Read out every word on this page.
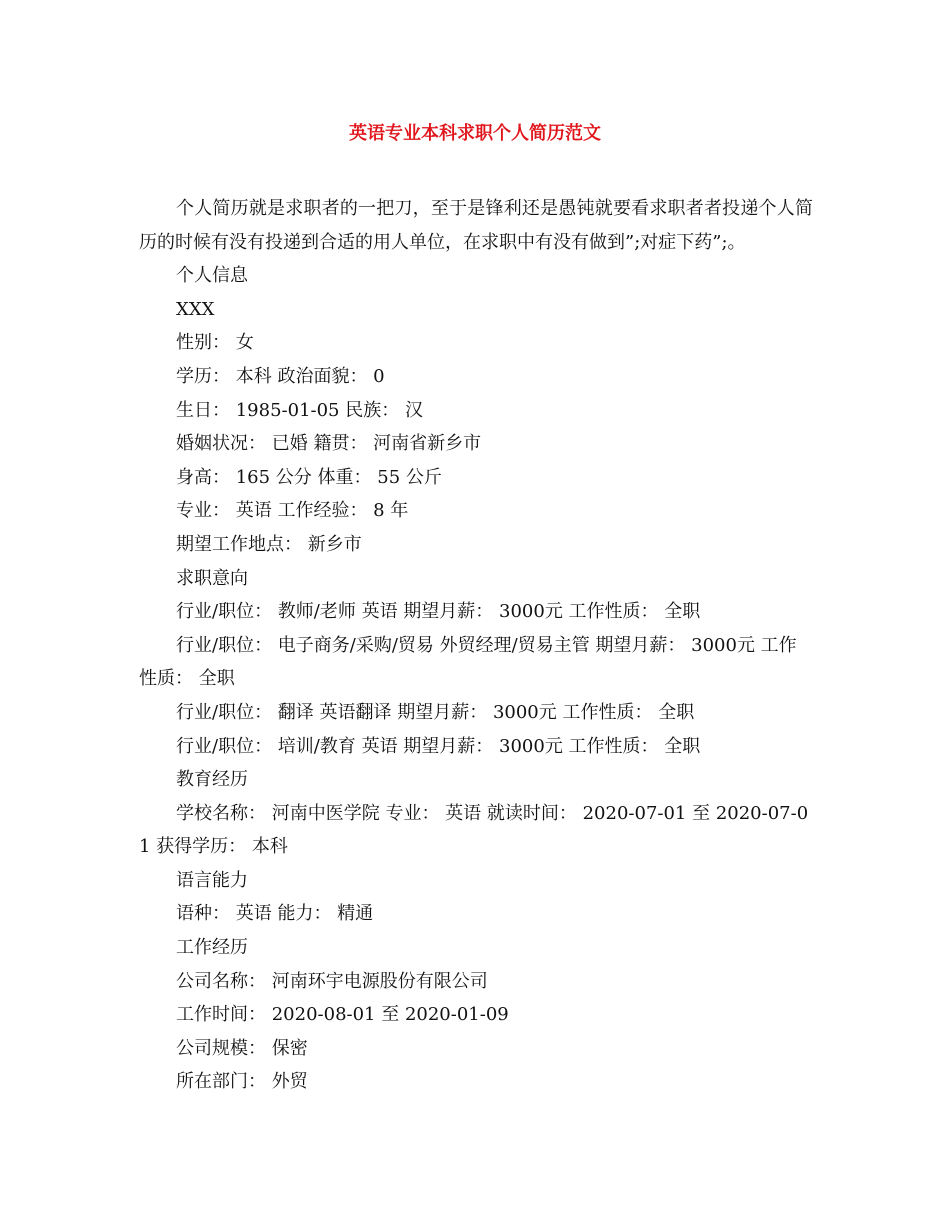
英语专业本科求职个人简历范文

个人简历就是求职者的一把刀，至于是锋利还是愚钝就要看求职者者投递个人简历的时候有没有投递到合适的用人单位，在求职中有没有做到”;对症下药”;。

个人信息

XXX

性别： 女

学历： 本科 政治面貌： 0

生日： 1985-01-05 民族： 汉

婚姻状况： 已婚 籍贯： 河南省新乡市

身高： 165 公分 体重： 55 公斤

专业： 英语 工作经验： 8 年

期望工作地点： 新乡市

求职意向

行业/职位： 教师/老师 英语 期望月薪： 3000元 工作性质： 全职

行业/职位： 电子商务/采购/贸易 外贸经理/贸易主管 期望月薪： 3000元 工作性质： 全职

行业/职位： 翻译 英语翻译 期望月薪： 3000元 工作性质： 全职

行业/职位： 培训/教育 英语 期望月薪： 3000元 工作性质： 全职

教育经历

学校名称： 河南中医学院 专业： 英语 就读时间： 2020-07-01 至 2020-07-01 获得学历： 本科

语言能力

语种： 英语 能力： 精通

工作经历

公司名称： 河南环宇电源股份有限公司

工作时间： 2020-08-01 至 2020-01-09

公司规模： 保密

所在部门： 外贸
